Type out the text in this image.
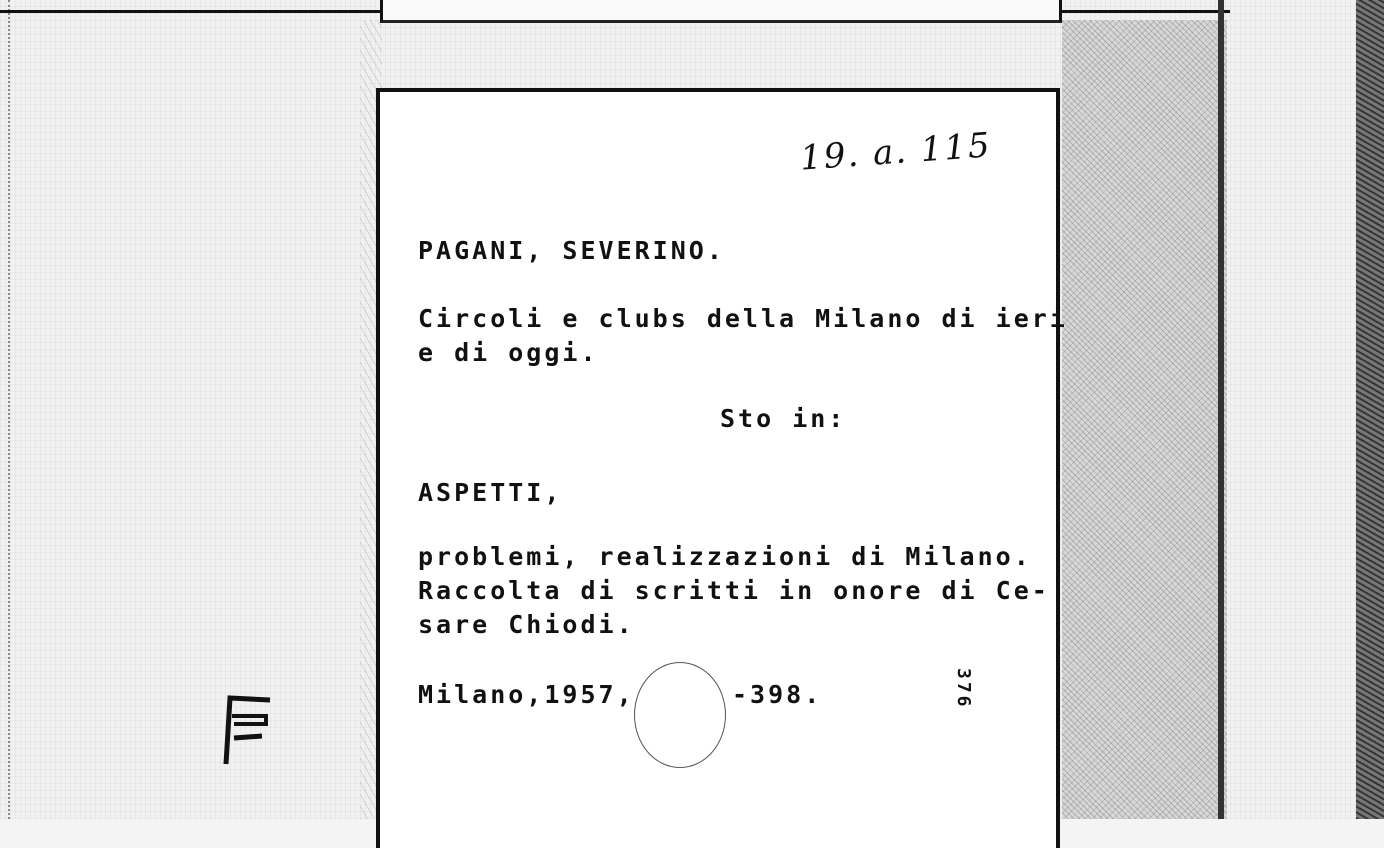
19. a. 115
PAGANI, SEVERINO.
Circoli e clubs della Milano di ieri
e di oggi.
Sto in:
ASPETTI,
problemi, realizzazioni di Milano.
Raccolta di scritti in onore di Ce-
sare Chiodi.
Milano,1957,	-398.	376
